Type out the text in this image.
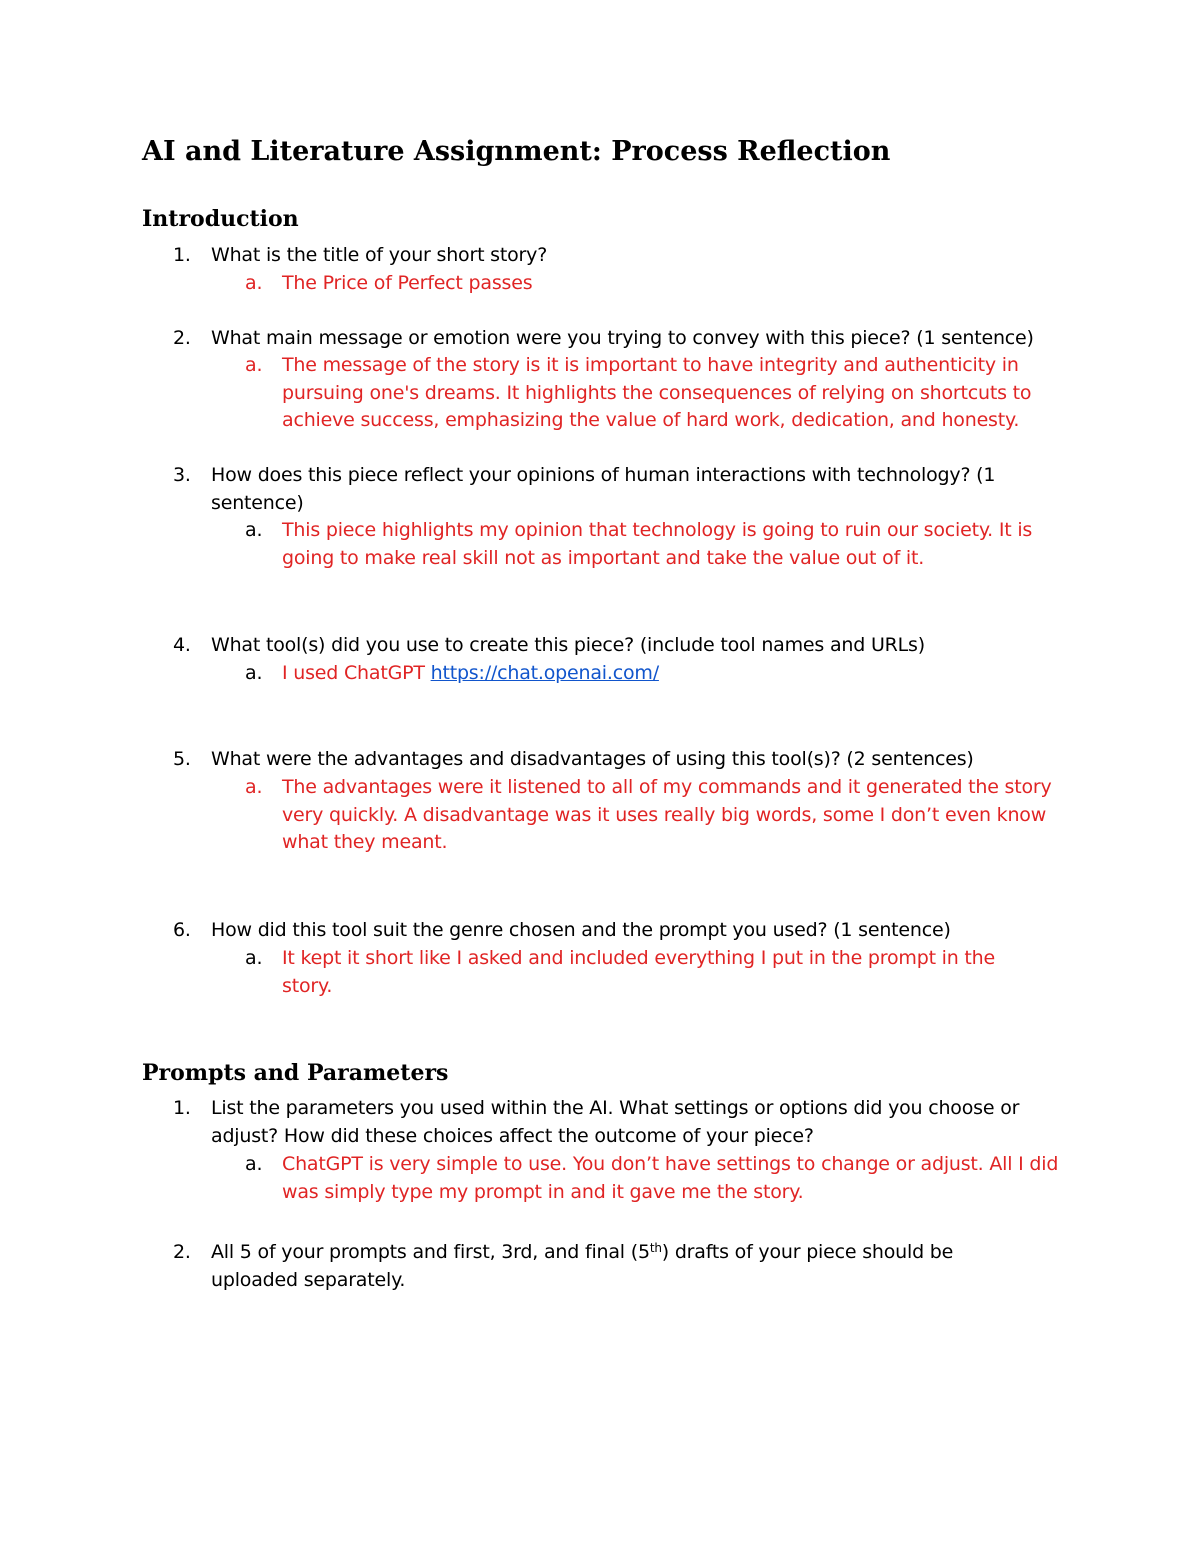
AI and Literature Assignment: Process Reflection
Introduction
1. What is the title of your short story?
a. The Price of Perfect passes
2. What main message or emotion were you trying to convey with this piece? (1 sentence)
a. The message of the story is it is important to have integrity and authenticity in pursuing one's dreams. It highlights the consequences of relying on shortcuts to achieve success, emphasizing the value of hard work, dedication, and honesty.
3. How does this piece reflect your opinions of human interactions with technology? (1 sentence)
a. This piece highlights my opinion that technology is going to ruin our society. It is going to make real skill not as important and take the value out of it.
4. What tool(s) did you use to create this piece? (include tool names and URLs)
a. I used ChatGPT https://chat.openai.com/
5. What were the advantages and disadvantages of using this tool(s)? (2 sentences)
a. The advantages were it listened to all of my commands and it generated the story very quickly. A disadvantage was it uses really big words, some I don’t even know what they meant.
6. How did this tool suit the genre chosen and the prompt you used? (1 sentence)
a. It kept it short like I asked and included everything I put in the prompt in the story.
Prompts and Parameters
1. List the parameters you used within the AI. What settings or options did you choose or adjust? How did these choices affect the outcome of your piece?
a. ChatGPT is very simple to use. You don’t have settings to change or adjust. All I did was simply type my prompt in and it gave me the story.
2. All 5 of your prompts and first, 3rd, and final (5th) drafts of your piece should be uploaded separately.
